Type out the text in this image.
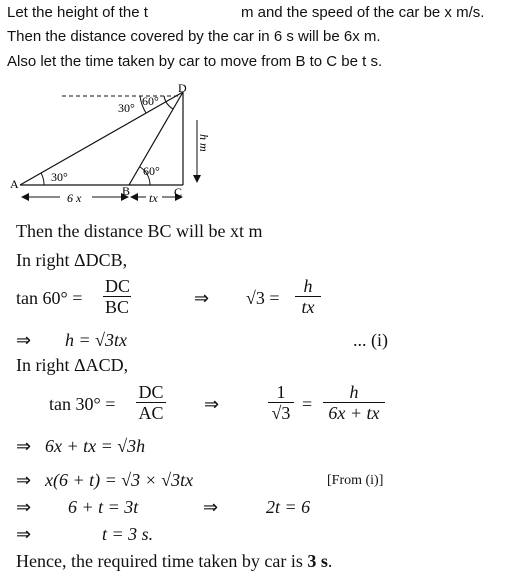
Let the height of the t	m and the speed of the car be x m/s.
Then the distance covered by the car in 6 s will be 6x m.
Also let the time taken by car to move from B to C be t s.
30° 60°
D
h m
60°
30°
A	B	C
6 x	tx
Then the distance BC will be xt m
In right ΔDCB,
$\tan 60^\circ = \frac{DC}{BC}$	⇒ $√3 = \frac{h}{tx}$
⇒ h = √3tx	... (i)
In right ΔACD,
$\tan 30^\circ = \frac{DC}{AC}$ ⇒	$\frac{1}{√3} = \frac{h}{6x + tx}$
⇒ 6x + tx = √3h
⇒ x(6 + t) = √3 × √3tx	[From (i)]
⇒ 6 + t = 3t	⇒	2t = 6
⇒	t = 3 s.
Hence, the required time taken by car is 3 s.
